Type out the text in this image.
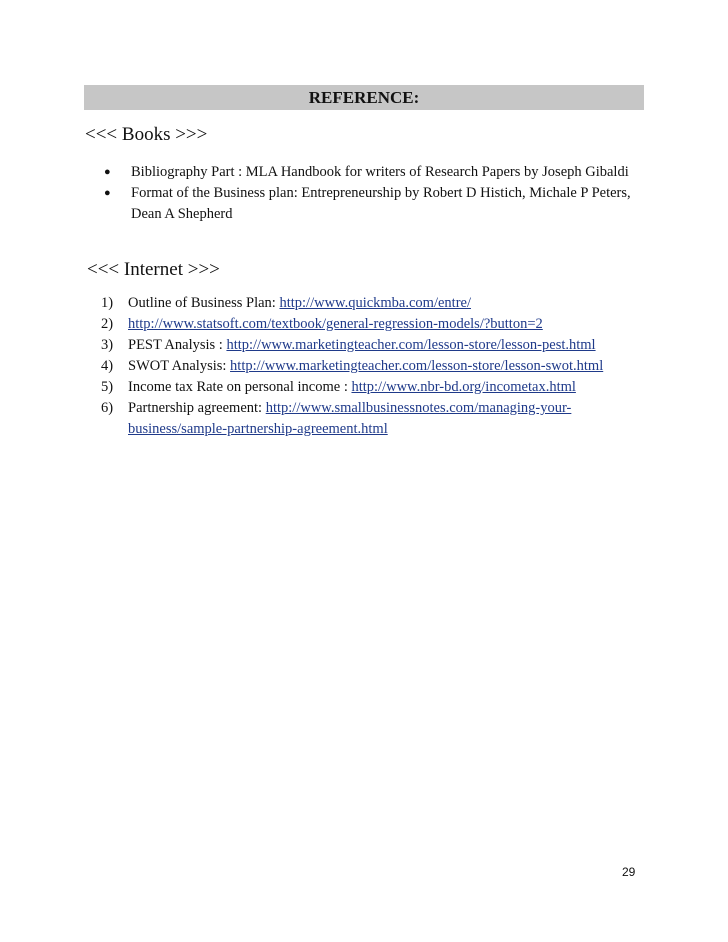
REFERENCE:
<<< Books >>>
●	Bibliography Part : MLA Handbook for writers of Research Papers by Joseph Gibaldi
●	Format of the Business plan: Entrepreneurship by Robert D Histich, Michale P Peters, Dean A Shepherd
<<< Internet >>>
1)	Outline of Business Plan: http://www.quickmba.com/entre/
2)	http://www.statsoft.com/textbook/general-regression-models/?button=2
3)	PEST Analysis : http://www.marketingteacher.com/lesson-store/lesson-pest.html
4)	SWOT Analysis: http://www.marketingteacher.com/lesson-store/lesson-swot.html
5)	Income tax Rate on personal income : http://www.nbr-bd.org/incometax.html
6)	Partnership agreement: http://www.smallbusinessnotes.com/managing-your-business/sample-partnership-agreement.html
29
